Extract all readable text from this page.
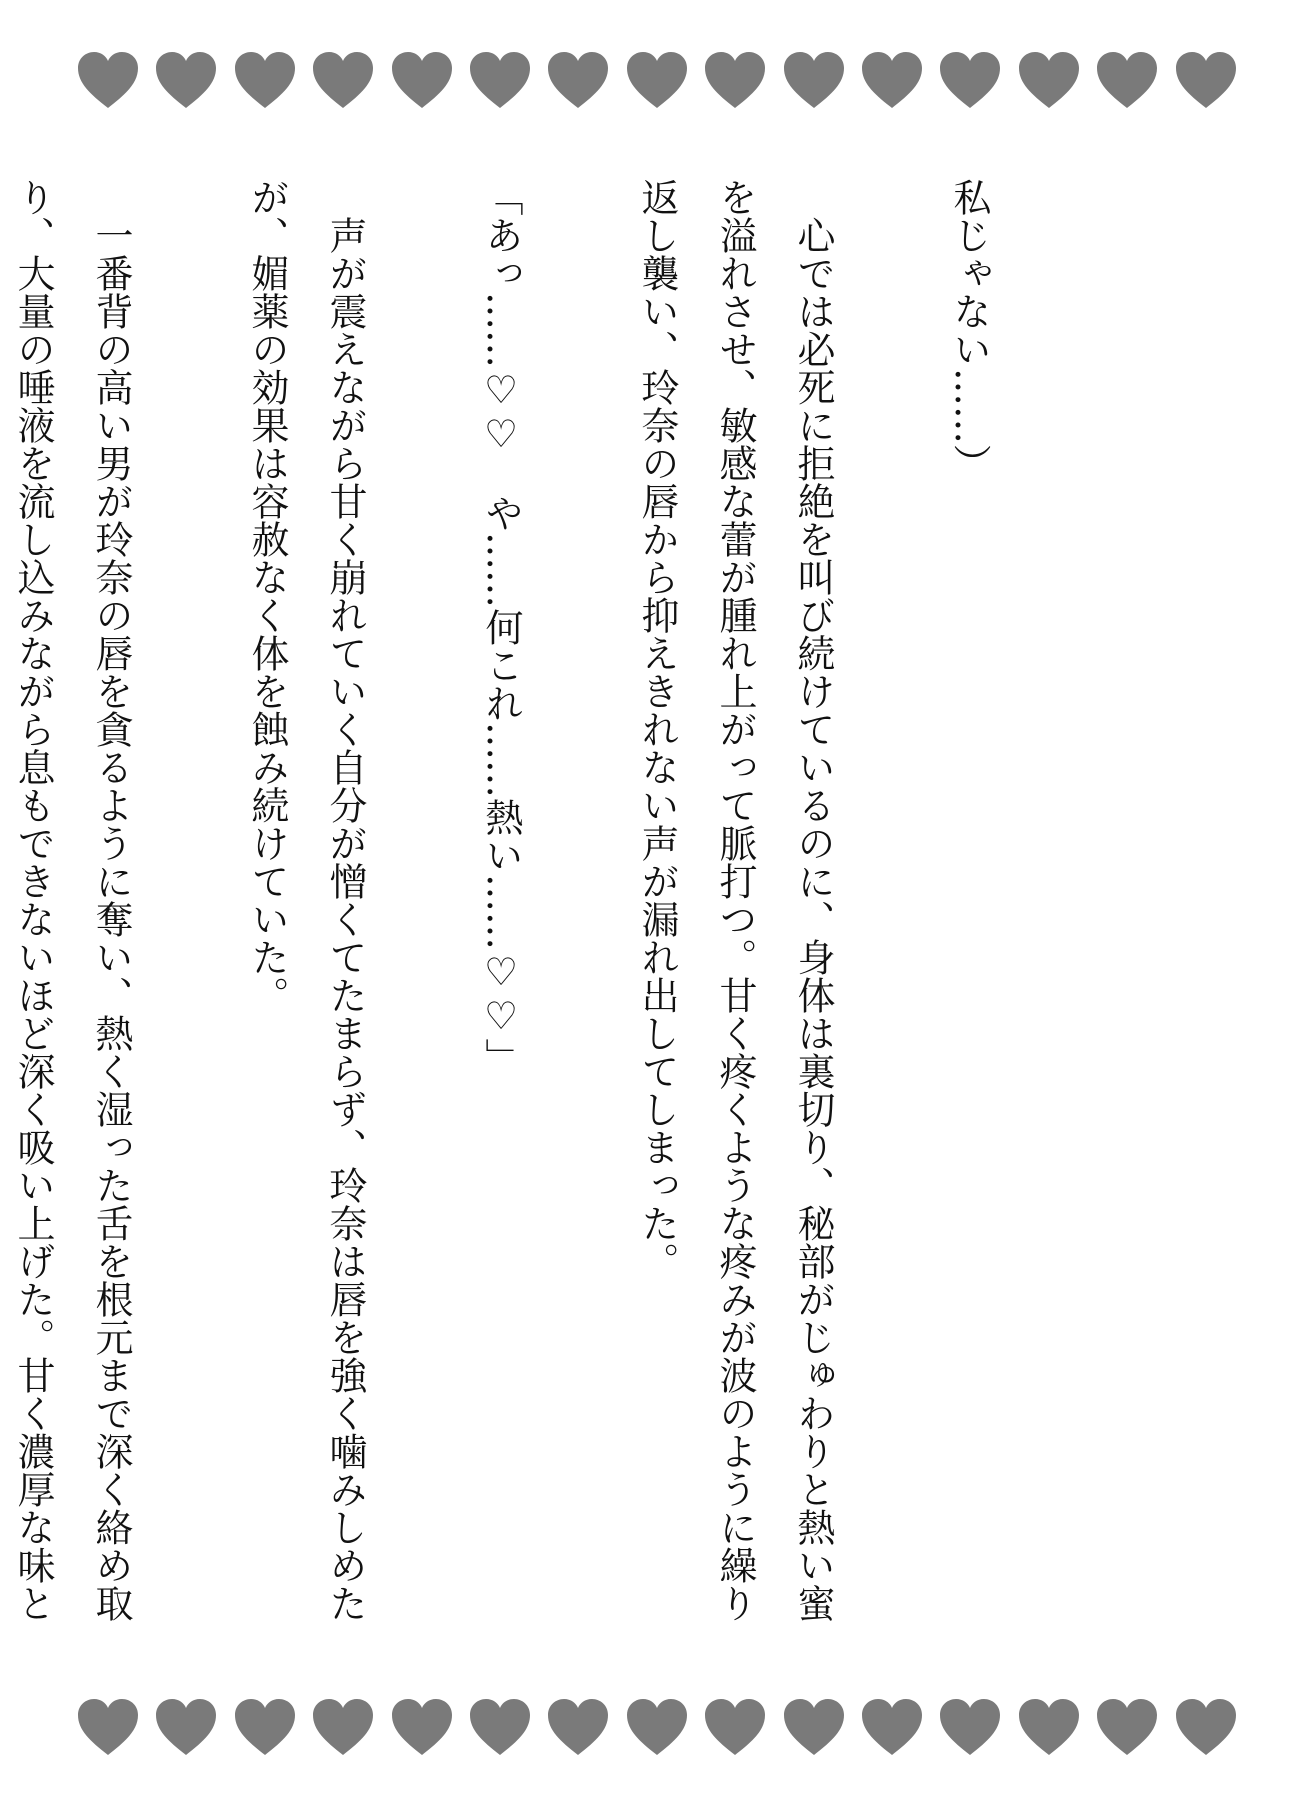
私じゃない……）

　心では必死に拒絶を叫び続けているのに、身体は裏切り、秘部がじゅわりと熱い蜜を溢れさせ、敏感な蕾が腫れ上がって脈打つ。甘く疼くような疼みが波のように繰り返し襲い、玲奈の唇から抑えきれない声が漏れ出してしまった。

「あっ……♡♡　や……何これ……熱い……♡♡」

　声が震えながら甘く崩れていく自分が憎くてたまらず、玲奈は唇を強く噛みしめたが、媚薬の効果は容赦なく体を蝕み続けていた。

　一番背の高い男が玲奈の唇を貪るように奪い、熱く湿った舌を根元まで深く絡め取り、大量の唾液を流し込みながら息もできないほど深く吸い上げた。甘く濃厚な味と
